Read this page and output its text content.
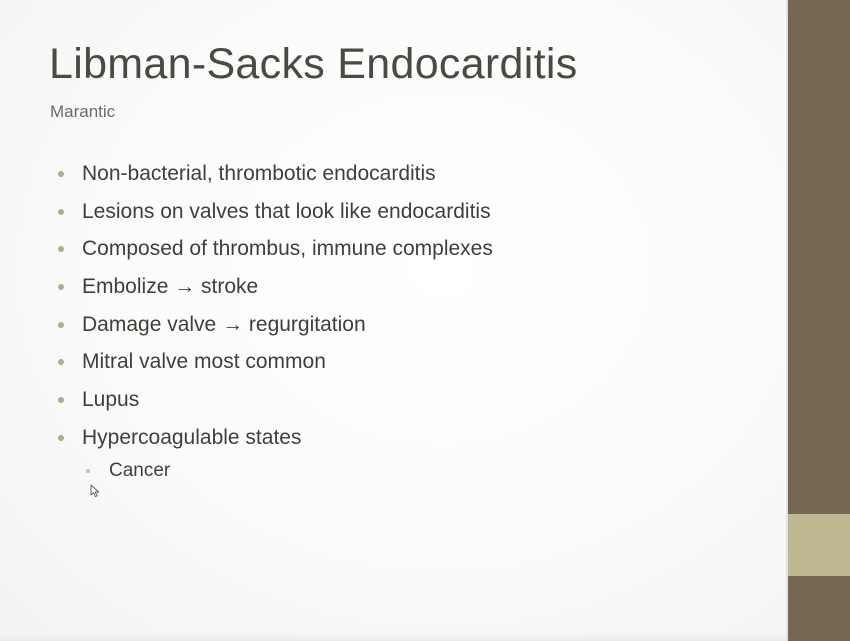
Libman-Sacks Endocarditis
Marantic
Non-bacterial, thrombotic endocarditis
Lesions on valves that look like endocarditis
Composed of thrombus, immune complexes
Embolize → stroke
Damage valve → regurgitation
Mitral valve most common
Lupus
Hypercoagulable states
Cancer
